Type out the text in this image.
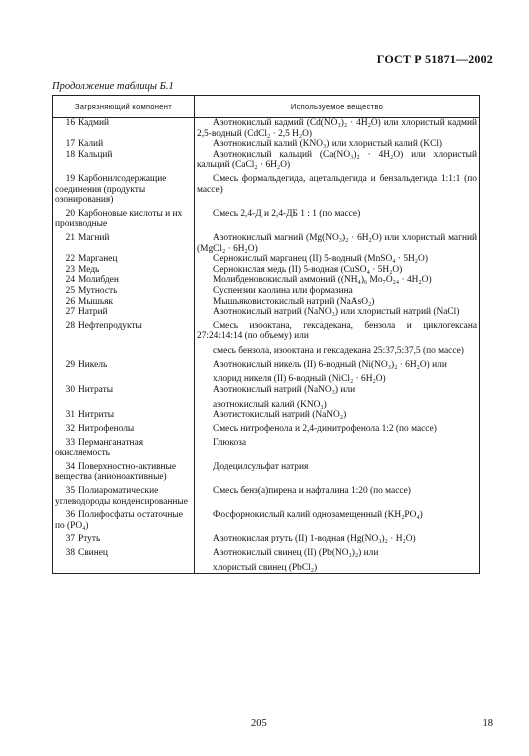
ГОСТ Р 51871—2002
Продолжение таблицы Б.1
Загрязняющий компонент	Используемое вещество
16 Кадмий	Азотнокислый кадмий (Cd(NO₃)₂ · 4H₂O) или хлористый кадмий 2,5-водный (CdCl₂ · 2,5 H₂O)

17 Калий	Азотнокислый калий (KNO₃) или хлористый калий (KCl)

18 Кальций	Азотнокислый кальций (Ca(NO₃)₂ · 4H₂O) или хлористый кальций (CaCl₂ · 6H₂O)

19 Карбонилсодержащие соединения (продукты озонирования)	Смесь формальдегида, ацетальдегида и бензальдегида 1:1:1 (по массе)

20 Карбоновые кислоты и их производные	Смесь 2,4-Д и 2,4-ДБ 1 : 1 (по массе)

21 Магний	Азотнокислый магний (Mg(NO₃)₂ · 6H₂O) или хлористый магний (MgCl₂ · 6H₂O)

22 Марганец	Сернокислый марганец (II) 5-водный (MnSO₄ · 5H₂O)

23 Медь	Сернокислая медь (II) 5-водная (CuSO₄ · 5H₂O)

24 Молибден	Молибденовокислый аммоний ((NH₄)₆ Mo₇O₂₄ · 4H₂O)

25 Мутность	Суспензии каолина или формазина

26 Мышьяк	Мышьяковистокислый натрий (NaAsO₂)

27 Натрий	Азотнокислый натрий (NaNO₃) или хлористый натрий (NaCl)

28 Нефтепродукты	Смесь изооктана, гексадекана, бензола и циклогексана 27:24:14:14 (по объему) или
смесь бензола, изооктана и гексадекана 25:37,5:37,5 (по массе)

29 Никель	Азотнокислый никель (II) 6-водный (Ni(NO₃)₂ · 6H₂O) или
хлорид никеля (II) 6-водный (NiCl₂ · 6H₂O)

30 Нитраты	Азотнокислый натрий (NaNO₃) или
азотнокислый калий (KNO₃)

31 Нитриты	Азотистокислый натрий (NaNO₂)

32 Нитрофенолы	Смесь нитрофенола и 2,4-динитрофенола 1:2 (по массе)

33 Перманганатная окисляемость	Глюкоза

34 Поверхностно-активные вещества (анионоактивные)	Додецилсульфат натрия

35 Полиароматические углеводороды конденсированные	Смесь бенз(а)пирена и нафталина 1:20 (по массе)

36 Полифосфаты остаточные по (PO₄)	Фосфорнокислый калий однозамещенный (KH₂PO₄)

37 Ртуть	Азотнокислая ртуть (II) 1-водная (Hg(NO₃)₂ · H₂O)

38 Свинец	Азотнокислый свинец (II) (Pb(NO₃)₂) или
хлористый свинец (PbCl₂)
205	18
